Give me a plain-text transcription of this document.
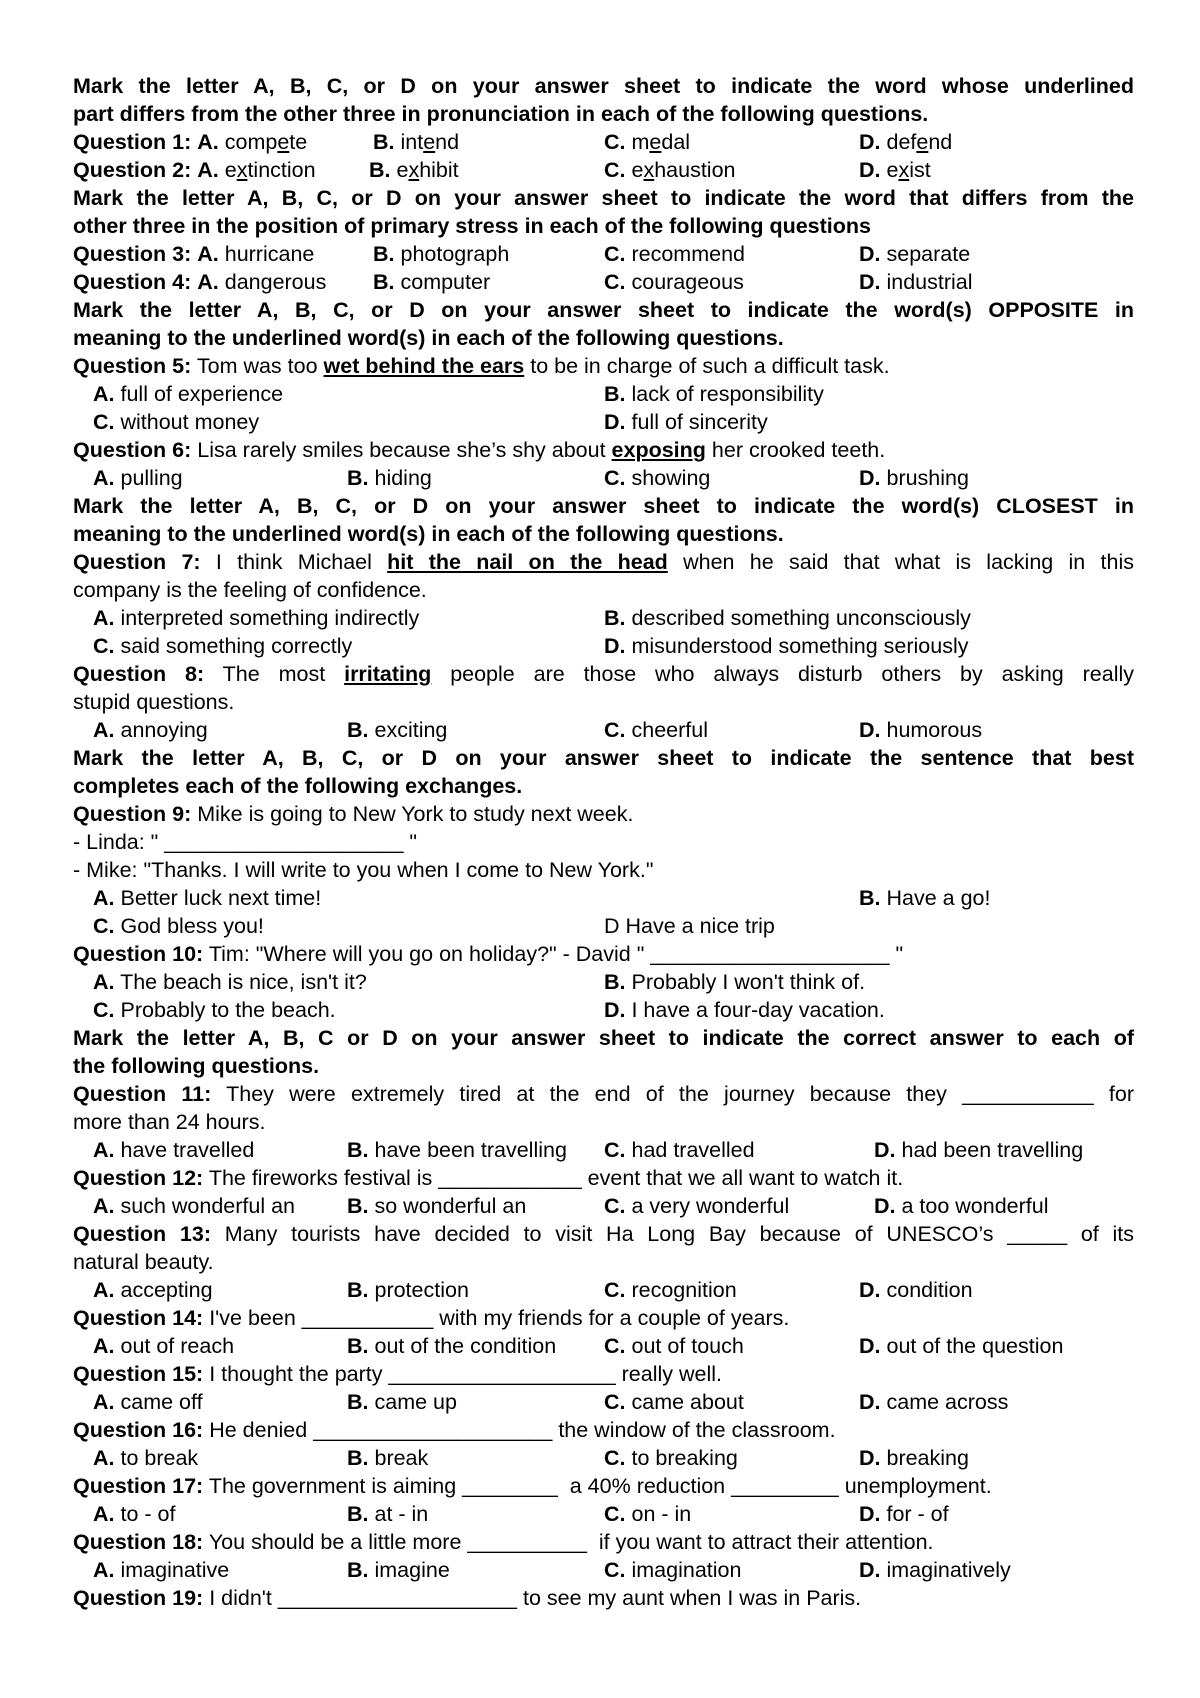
Mark the letter A, B, C, or D on your answer sheet to indicate the word whose underlined
part differs from the other three in pronunciation in each of the following questions.
Question 1: A. compete	B. intend	C. medal	D. defend
Question 2: A. extinction B. exhibit	C. exhaustion	D. exist
Mark the letter A, B, C, or D on your answer sheet to indicate the word that differs from the
other three in the position of primary stress in each of the following questions
Question 3: A. hurricane	B. photograph	C. recommend	D. separate
Question 4: A. dangerous B. computer	C. courageous	D. industrial
Mark the letter A, B, C, or D on your answer sheet to indicate the word(s) OPPOSITE in
meaning to the underlined word(s) in each of the following questions.
Question 5: Tom was too wet behind the ears to be in charge of such a difficult task.
A. full of experience	B. lack of responsibility
C. without money	D. full of sincerity
Question 6: Lisa rarely smiles because she’s shy about exposing her crooked teeth.
A. pulling	B. hiding	C. showing	D. brushing
Mark the letter A, B, C, or D on your answer sheet to indicate the word(s) CLOSEST in
meaning to the underlined word(s) in each of the following questions.
Question 7: I think Michael hit the nail on the head when he said that what is lacking in this
company is the feeling of confidence.
A. interpreted something indirectly	B. described something unconsciously
C. said something correctly	D. misunderstood something seriously
Question 8: The most irritating people are those who always disturb others by asking really
stupid questions.
A. annoying	B. exciting	C. cheerful	D. humorous
Mark the letter A, B, C, or D on your answer sheet to indicate the sentence that best
completes each of the following exchanges.
Question 9: Mike is going to New York to study next week.
- Linda: " ____________________ "
- Mike: "Thanks. I will write to you when I come to New York."
A. Better luck next time!	B. Have a go!
C. God bless you!	D Have a nice trip
Question 10: Tim: "Where will you go on holiday?" - David " ____________________ "
A. The beach is nice, isn't it?	B. Probably I won't think of.
C. Probably to the beach.	D. I have a four-day vacation.
Mark the letter A, B, C or D on your answer sheet to indicate the correct answer to each of
the following questions.
Question 11: They were extremely tired at the end of the journey because they ___________ for
more than 24 hours.
A. have travelled	B. have been travelling C. had travelled	D. had been travelling
Question 12: The fireworks festival is ____________ event that we all want to watch it.
A. such wonderful an B. so wonderful an	C. a very wonderful	D. a too wonderful
Question 13: Many tourists have decided to visit Ha Long Bay because of UNESCO’s _____ of its
natural beauty.
A. accepting	B. protection	C. recognition	D. condition
Question 14: I've been ___________ with my friends for a couple of years.
A. out of reach	B. out of the condition C. out of touch	D. out of the question
Question 15: I thought the party ___________________ really well.
A. came off	B. came up	C. came about	D. came across
Question 16: He denied ____________________ the window of the classroom.
A. to break	B. break	C. to breaking	D. breaking
Question 17: The government is aiming ________  a 40% reduction _________ unemployment.
A. to - of	B. at - in	C. on - in	D. for - of
Question 18: You should be a little more __________  if you want to attract their attention.
A. imaginative	B. imagine	C. imagination	D. imaginatively
Question 19: I didn't ____________________ to see my aunt when I was in Paris.
